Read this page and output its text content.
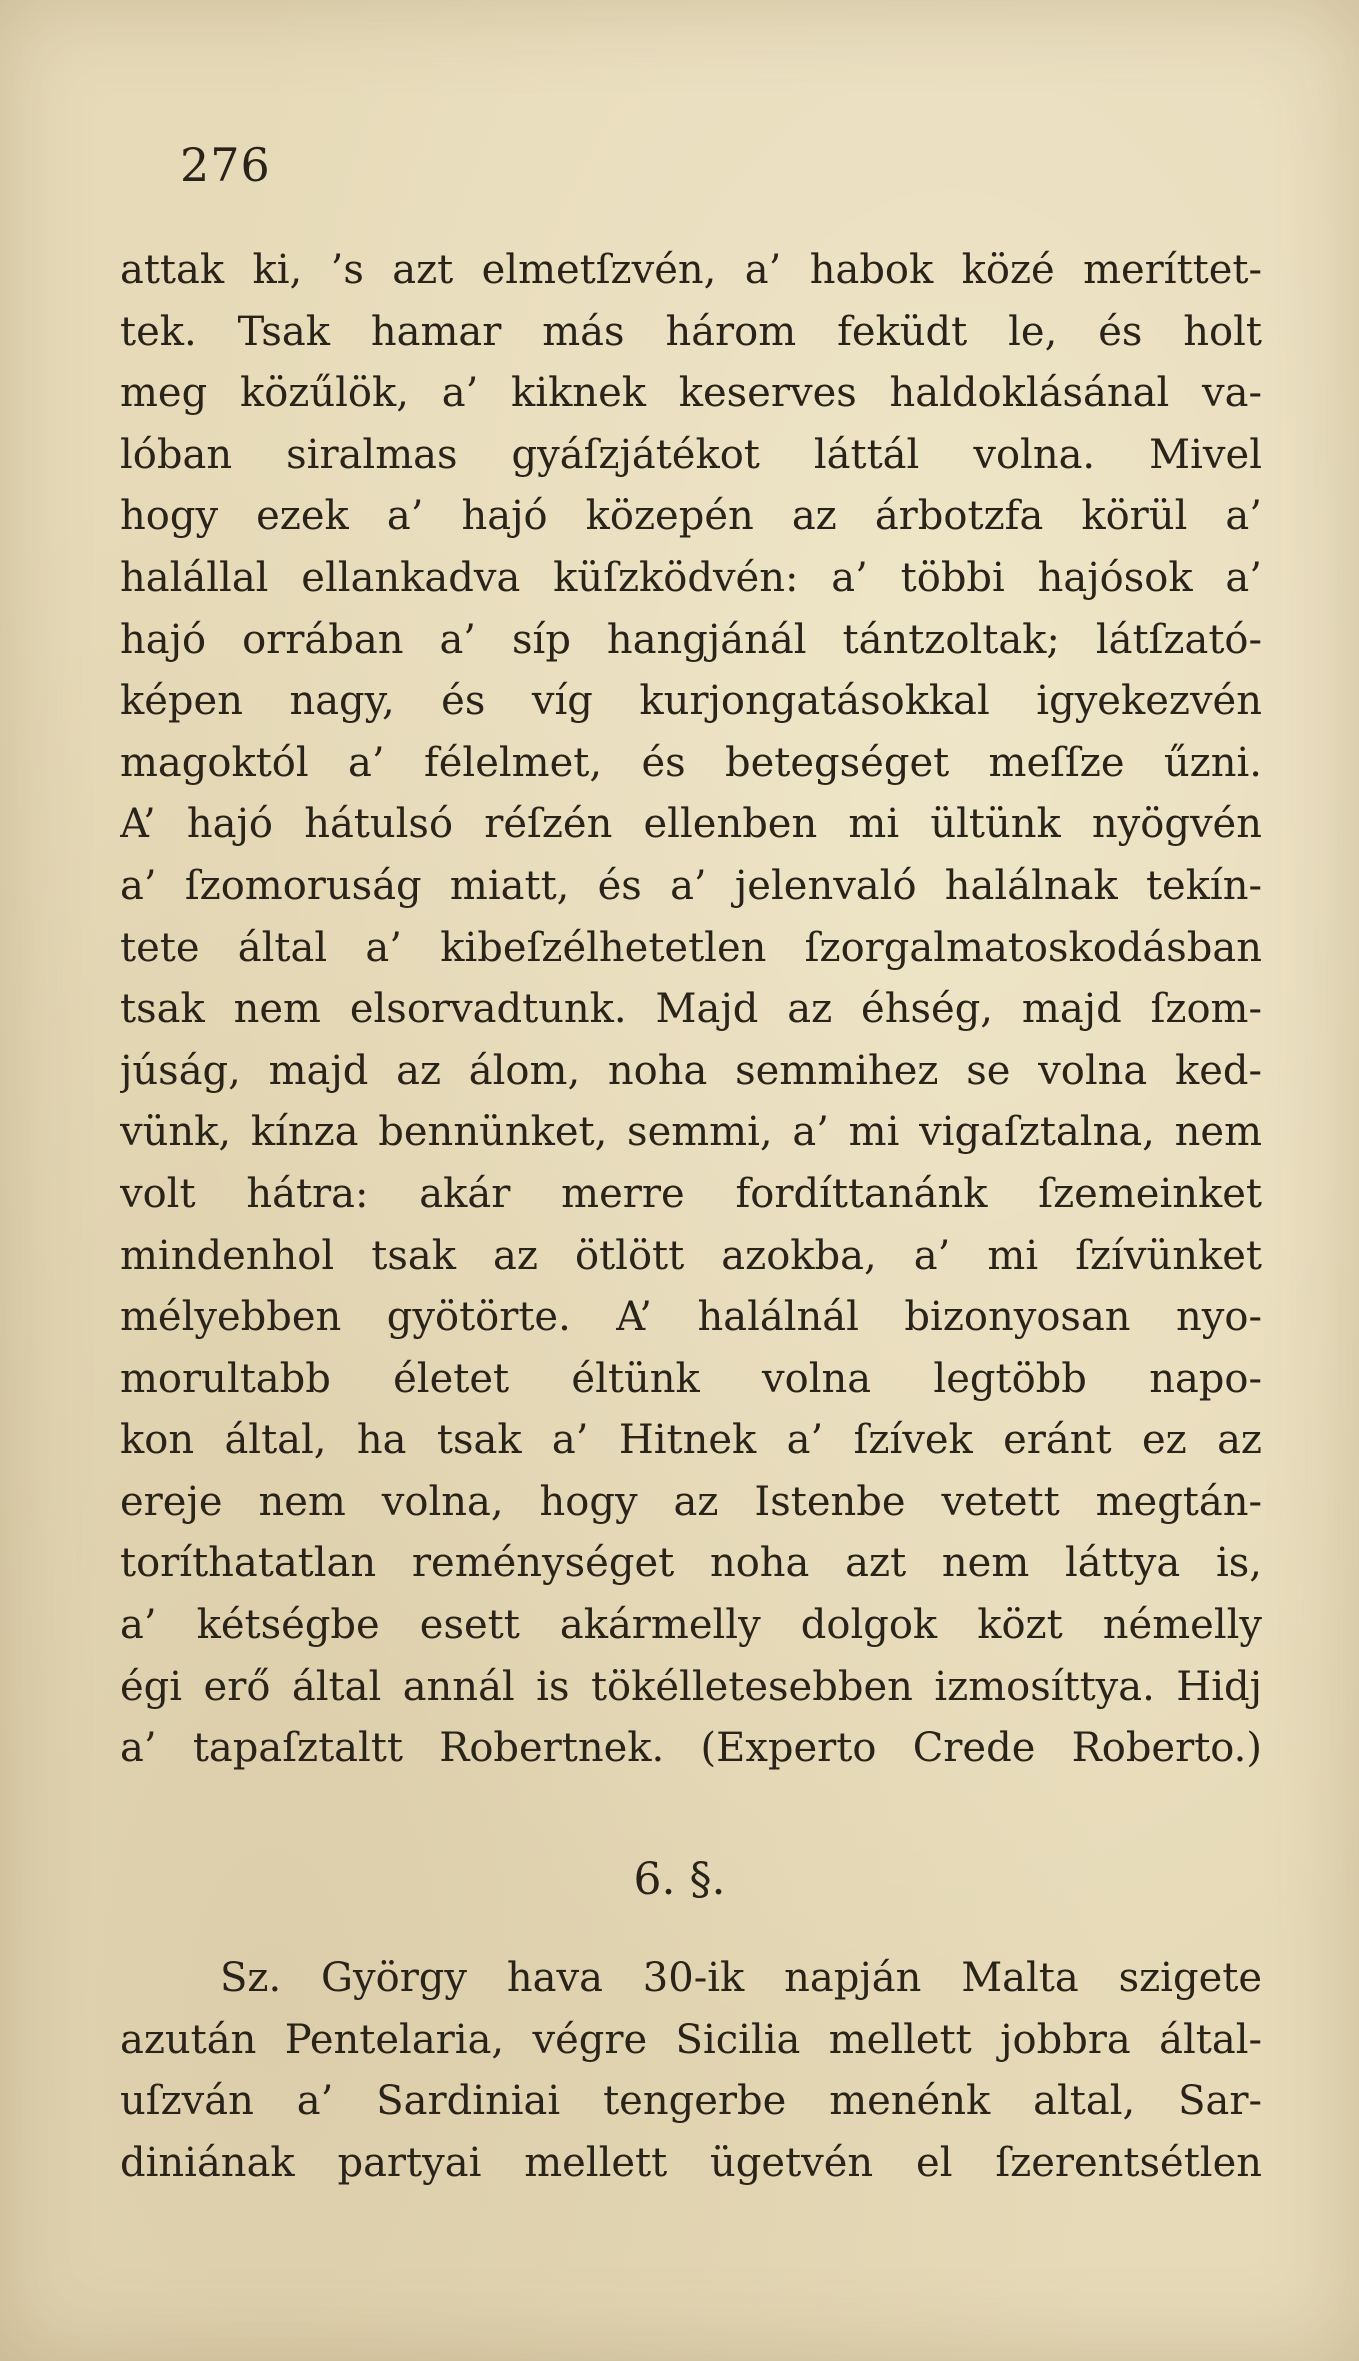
276
attak ki, ’s azt elmetſzvén, a’ habok közé meríttet-
tek. Tsak hamar más három feküdt le, és holt
meg közűlök, a’ kiknek keserves haldoklásánal va-
lóban siralmas gyáſzjátékot láttál volna. Mivel
hogy ezek a’ hajó közepén az árbotzfa körül a’
halállal ellankadva küſzködvén: a’ többi hajósok a’
hajó orrában a’ síp hangjánál tántzoltak; látſzató-
képen nagy, és víg kurjongatásokkal igyekezvén
magoktól a’ félelmet, és betegséget meſſze űzni.
A’ hajó hátulsó réſzén ellenben mi ültünk nyögvén
a’ ſzomoruság miatt, és a’ jelenvaló halálnak tekín-
tete által a’ kibeſzélhetetlen ſzorgalmatoskodásban
tsak nem elsorvadtunk. Majd az éhség, majd ſzom-
júság, majd az álom, noha semmihez se volna ked-
vünk, kínza bennünket, semmi, a’ mi vigaſztalna, nem
volt hátra: akár merre fordíttanánk ſzemeinket
mindenhol tsak az ötlött azokba, a’ mi ſzívünket
mélyebben gyötörte. A’ halálnál bizonyosan nyo-
morultabb életet éltünk volna legtöbb napo-
kon által, ha tsak a’ Hitnek a’ ſzívek eránt ez az
ereje nem volna, hogy az Istenbe vetett megtán-
toríthatatlan reménységet noha azt nem láttya is,
a’ kétségbe esett akármelly dolgok közt némelly
égi erő által annál is tökélletesebben izmosíttya. Hidj
a’ tapaſztaltt Robertnek. (Experto Crede Roberto.)
6. §.
Sz. György hava 30-ik napján Malta szigete
azután Pentelaria, végre Sicilia mellett jobbra által-
uſzván a’ Sardiniai tengerbe menénk altal, Sar-
diniának partyai mellett ügetvén el ſzerentsétlen
